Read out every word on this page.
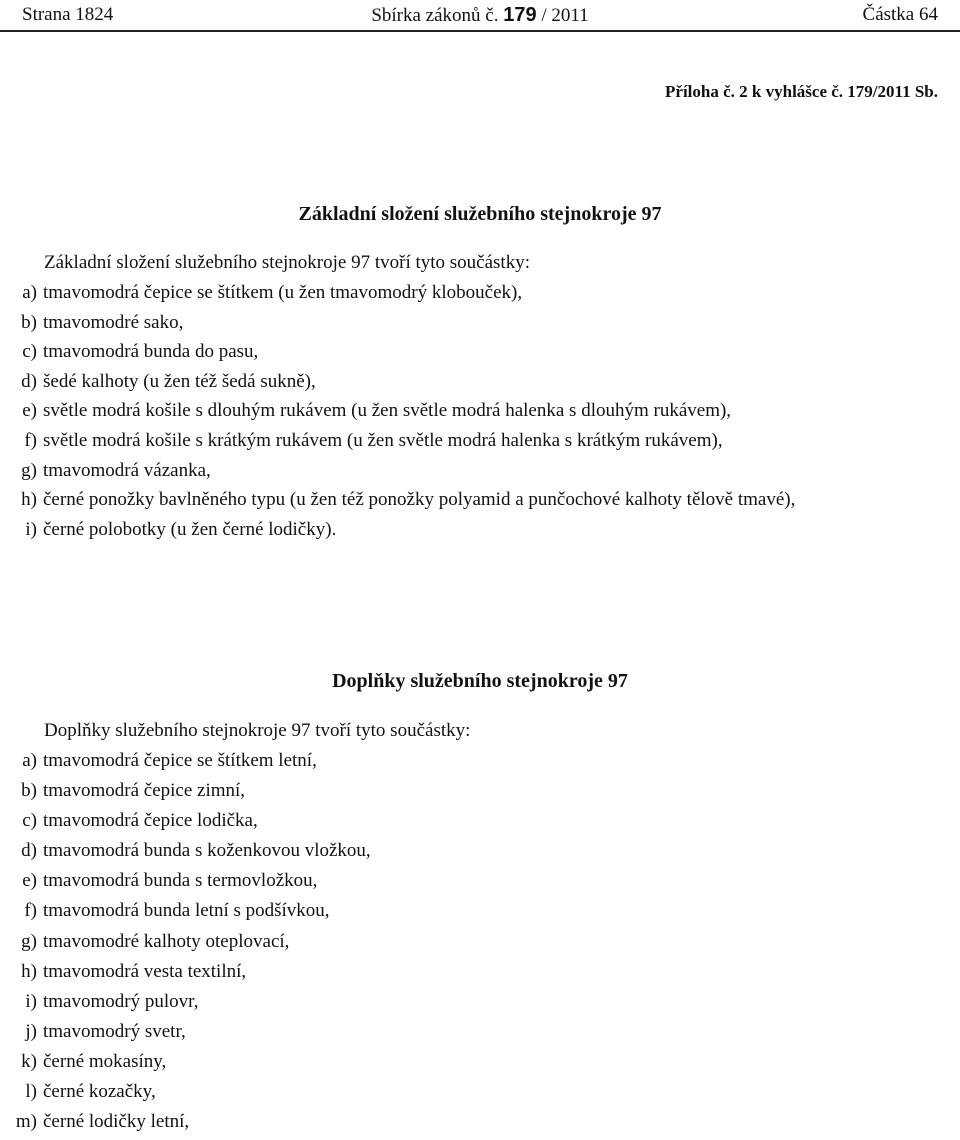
Strana 1824	Sbírka zákonů č. 179 / 2011	Částka 64
Příloha č. 2 k vyhlášce č. 179/2011 Sb.
Základní složení služebního stejnokroje 97
Základní složení služebního stejnokroje 97 tvoří tyto součástky:
a) tmavomodrá čepice se štítkem (u žen tmavomodrý klobouček),
b) tmavomodré sako,
c) tmavomodrá bunda do pasu,
d) šedé kalhoty (u žen též šedá sukně),
e) světle modrá košile s dlouhým rukávem (u žen světle modrá halenka s dlouhým rukávem),
f) světle modrá košile s krátkým rukávem (u žen světle modrá halenka s krátkým rukávem),
g) tmavomodrá vázanka,
h) černé ponožky bavlněného typu (u žen též ponožky polyamid a punčochové kalhoty tělově tmavé),
i) černé polobotky (u žen černé lodičky).
Doplňky služebního stejnokroje 97
Doplňky služebního stejnokroje 97 tvoří tyto součástky:
a) tmavomodrá čepice se štítkem letní,
b) tmavomodrá čepice zimní,
c) tmavomodrá čepice lodička,
d) tmavomodrá bunda s koženkovou vložkou,
e) tmavomodrá bunda s termovložkou,
f) tmavomodrá bunda letní s podšívkou,
g) tmavomodré kalhoty oteplovací,
h) tmavomodrá vesta textilní,
i) tmavomodrý pulovr,
j) tmavomodrý svetr,
k) černé mokasíny,
l) černé kozačky,
m) černé lodičky letní,
